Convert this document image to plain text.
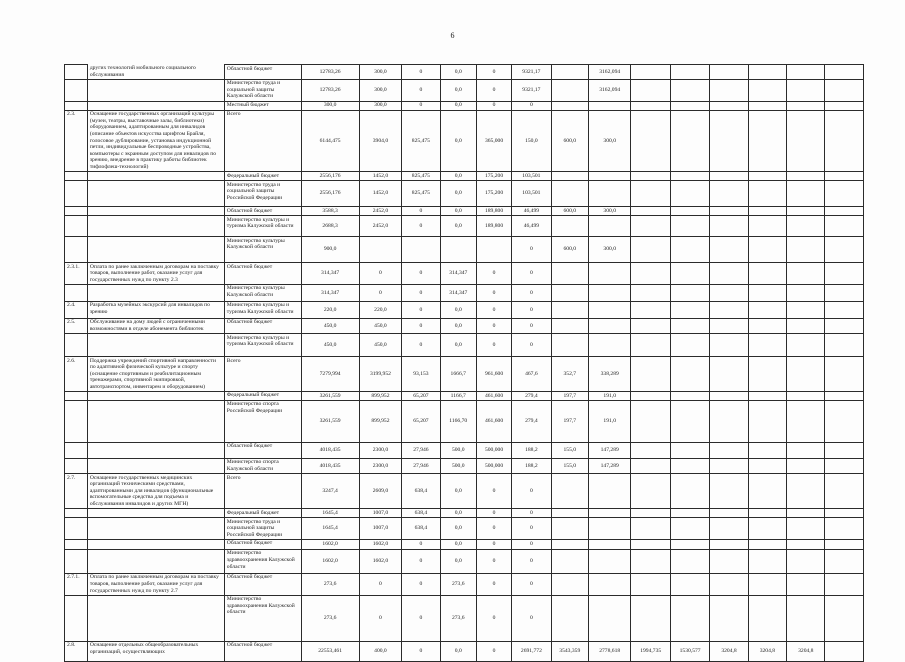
6
	других технологий мобильного социального обслуживания	Областной бюджет	12783,26	300,0	0	0,0	0	9321,17		3162,094						
		Министерство труда и социальной защиты Калужской области	12783,26	300,0	0	0,0	0	9321,17		3162,094						
		Местный бюджет	300,0	300,0	0	0,0	0	0								
2.3.	Оснащение государственных организаций культуры (музеи, театры, выставочные залы, библиотеки) оборудованием, адаптированным для инвалидов (описание объектов искусства шрифтом Брайля, голосовое дублирование, установка индукционной петли, индивидуальные беспроводные устройства, компьютеры с экранным доступом для инвалидов по зрению, внедрение в практику работы библиотек тифлофлеш-технологий)	Всего	6144,475	3904,0	825,475	0,0	365,000	150,0	600,0	300,0						
		Федеральный бюджет	2556,176	1452,0	825,475	0,0	175,200	103,501								
		Министерство труда и социальной защиты Российской Федерации	2556,176	1452,0	825,475	0,0	175,200	103,501								
		Областной бюджет	3588,3	2452,0	0	0,0	189,800	46,499	600,0	300,0						
		Министерство культуры и туризма Калужской области	2688,3	2452,0	0	0,0	189,800	46,499								
		Министерство культуры Калужской области	900,0					0	600,0	300,0						
2.3.1.	Оплата по ранее заключенным договорам на поставку товаров, выполнение работ, оказание услуг для государственных нужд по пункту 2.3	Областной бюджет	314,347	0	0	314,347	0	0								
		Министерство культуры Калужской области	314,347	0	0	314,347	0	0								
2.4.	Разработка музейных экскурсий для инвалидов по зрению	Министерство культуры и туризма Калужской области	220,0	220,0	0	0,0	0	0								
2.5.	Обслуживание на дому людей с ограниченными возможностями в отделе абонемента библиотек	Областной бюджет	450,0	450,0	0	0,0	0	0								
		Министерство культуры и туризма Калужской области	450,0	450,0	0	0,0	0	0								
2.6.	Поддержка учреждений спортивной направленности по адаптивной физической культуре и спорту (оснащение спортивным и реабилитационным тренажерами, спортивной экипировкой, автотранспортом, инвентарем и оборудованием)	Всего	7279,994	3199,952	93,153	1666,7	961,600	467,6	352,7	338,289						
		Федеральный бюджет	3261,559	899,952	65,207	1166,7	461,600	279,4	197,7	191,0						
		Министерство спорта Российской Федерации	3261,559	899,952	65,207	1166,70	461,600	279,4	197,7	191,0						
		Областной бюджет	4018,435	2300,0	27,946	500,0	500,000	188,2	155,0	147,289						
		Министерство спорта Калужской области	4018,435	2300,0	27,946	500,0	500,000	188,2	155,0	147,289						
2.7.	Оснащение государственных медицинских организаций техническими средствами, адаптированными для инвалидов (функциональные вспомогательные средства для подъема и обслуживания инвалидов и других МГН)	Всего	3247,4	2609,0	638,4	0,0	0	0								
		Федеральный бюджет	1645,4	1007,0	638,4	0,0	0	0								
		Министерство труда и социальной защиты Российской Федерации	1645,4	1007,0	638,4	0,0	0	0								
		Областной бюджет	1602,0	1602,0	0	0,0	0	0								
		Министерство здравоохранения Калужской области	1602,0	1602,0	0	0,0	0	0								
2.7.1.	Оплата по ранее заключенным договорам на поставку товаров, выполнение работ, оказание услуг для государственных нужд по пункту 2.7	Областной бюджет	273,6	0	0	273,6	0	0								
		Министерство здравоохранения Калужской области	273,6	0	0	273,6	0	0								
2.8.	Оснащение отдельных общеобразовательных организаций, осуществляющих	Областной бюджет	22553,461	400,0	0	0,0	0	2691,772	3543,359	2778,618	1994,735	1530,577	3204,8	3204,8	3204,8	
